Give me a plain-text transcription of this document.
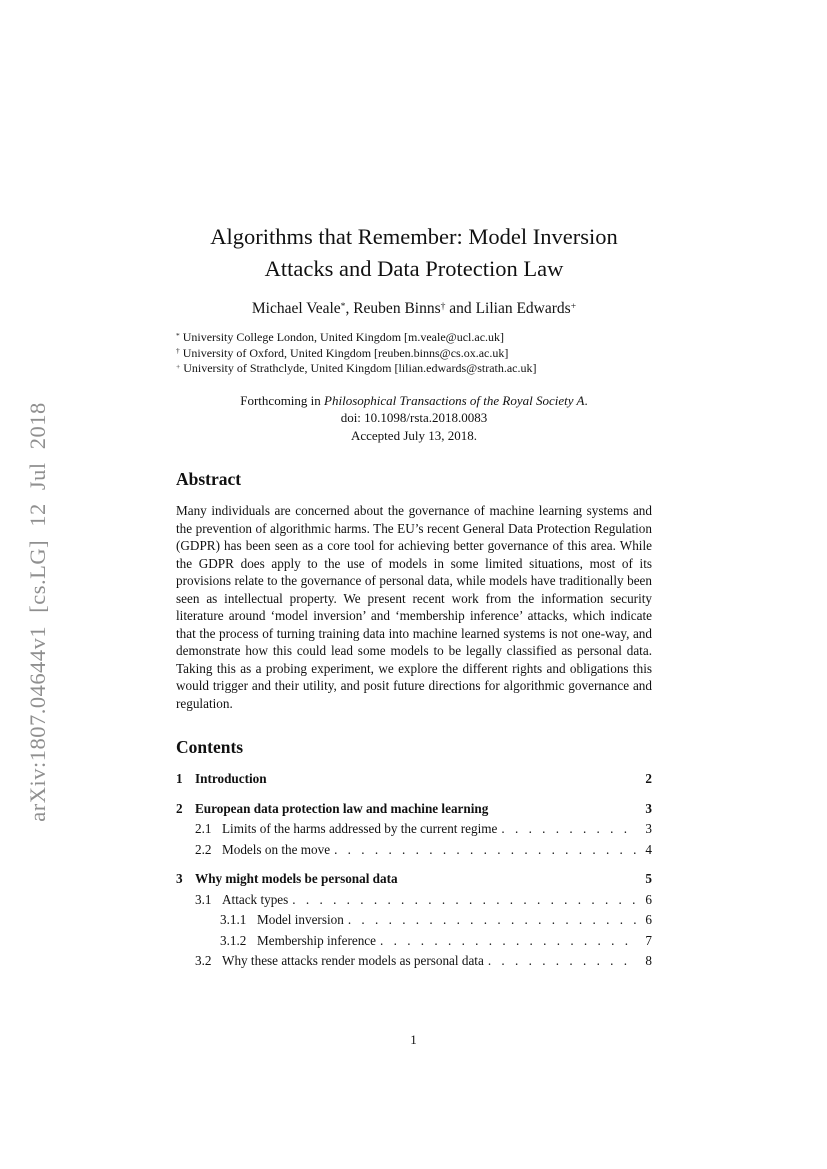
arXiv:1807.04644v1 [cs.LG] 12 Jul 2018
Algorithms that Remember: Model Inversion Attacks and Data Protection Law
Michael Veale*, Reuben Binns† and Lilian Edwards+
* University College London, United Kingdom [m.veale@ucl.ac.uk]
† University of Oxford, United Kingdom [reuben.binns@cs.ox.ac.uk]
+ University of Strathclyde, United Kingdom [lilian.edwards@strath.ac.uk]
Forthcoming in Philosophical Transactions of the Royal Society A.
doi: 10.1098/rsta.2018.0083
Accepted July 13, 2018.
Abstract

Many individuals are concerned about the governance of machine learning systems and the prevention of algorithmic harms. The EU’s recent General Data Protection Regulation (GDPR) has been seen as a core tool for achieving better governance of this area. While the GDPR does apply to the use of models in some limited situations, most of its provisions relate to the governance of personal data, while models have traditionally been seen as intellectual property. We present recent work from the information security literature around ‘model inversion’ and ‘membership inference’ attacks, which indicate that the process of turning training data into machine learned systems is not one-way, and demonstrate how this could lead some models to be legally classified as personal data. Taking this as a probing experiment, we explore the different rights and obligations this would trigger and their utility, and posit future directions for algorithmic governance and regulation.

Contents
1 Introduction	2
2 European data protection law and machine learning	3
2.1 Limits of the harms addressed by the current regime . . .	3
2.2 Models on the move . . .	4
3 Why might models be personal data	5
3.1 Attack types . . .	6
3.1.1 Model inversion . . .	6
3.1.2 Membership inference . . .	7
3.2 Why these attacks render models as personal data . . .	8
1
